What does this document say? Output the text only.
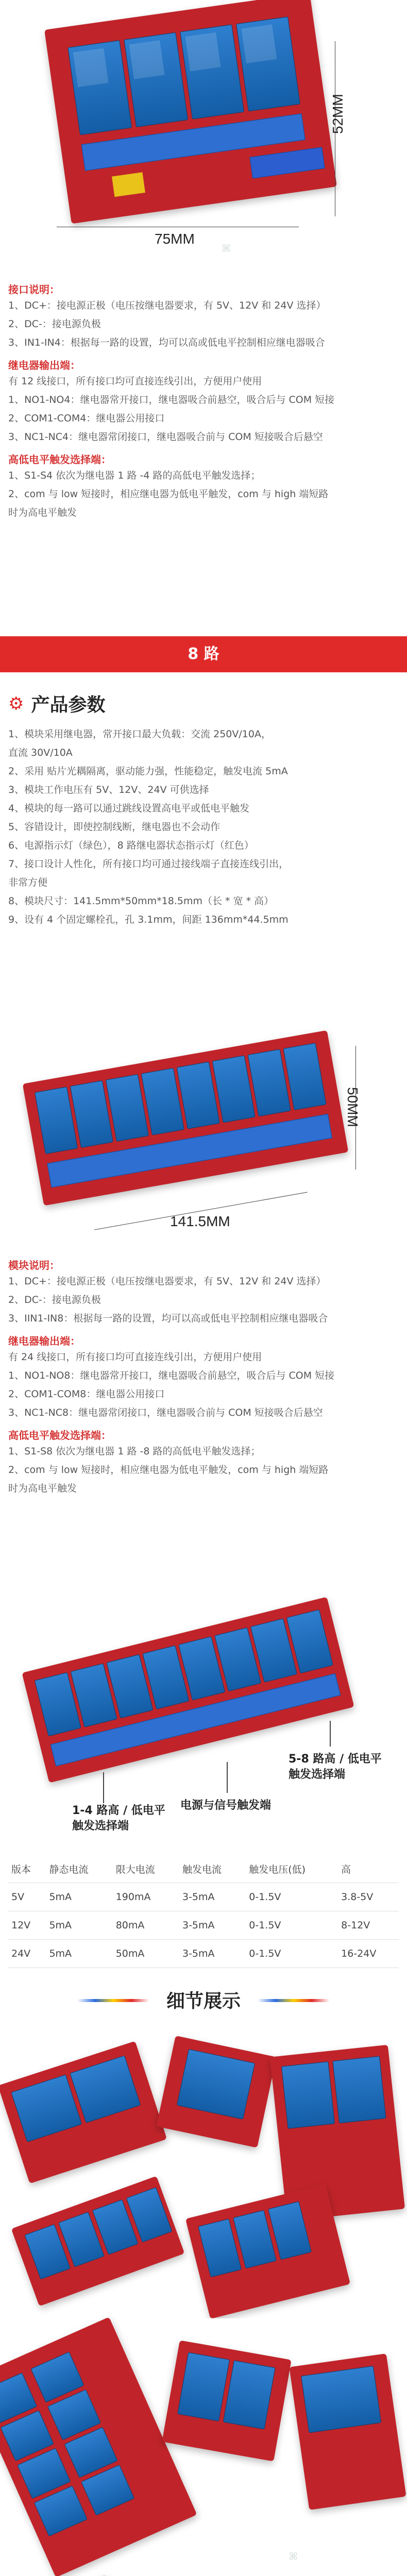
75MM
52MM
⌘
接口说明：
1、DC+：接电源正极（电压按继电器要求，有 5V、12V 和 24V 选择）
2、DC-：接电源负极
3、IN1-IN4：根据每一路的设置，均可以高或低电平控制相应继电器吸合
继电器输出端：
有 12 线接口，所有接口均可直接连线引出，方便用户使用
1、NO1-NO4：继电器常开接口，继电器吸合前悬空，吸合后与 COM 短接
2、COM1-COM4：继电器公用接口
3、NC1-NC4：继电器常闭接口，继电器吸合前与 COM 短接吸合后悬空
高低电平触发选择端：
1、S1-S4 依次为继电器 1 路 -4 路的高低电平触发选择；
2、com 与 low 短接时，相应继电器为低电平触发，com 与 high 端短路
时为高电平触发
8 路
⚙ 产品参数
1、模块采用继电器，常开接口最大负载：交流 250V/10A，
直流 30V/10A
2、采用 贴片光耦隔离，驱动能力强，性能稳定，触发电流 5mA
3、模块工作电压有 5V、12V、24V 可供选择
4、模块的每一路可以通过跳线设置高电平或低电平触发
5、容错设计，即使控制线断，继电器也不会动作
6、电源指示灯（绿色），8 路继电器状态指示灯（红色）
7、接口设计人性化，所有接口均可通过接线端子直接连线引出，
非常方便
8、模块尺寸：141.5mm*50mm*18.5mm（长 * 宽 * 高）
9、设有 4 个固定螺栓孔，孔 3.1mm，间距 136mm*44.5mm
141.5MM
50MM
模块说明：
1、DC+：接电源正极（电压按继电器要求，有 5V、12V 和 24V 选择）
2、DC-：接电源负极
3、IIN1-IN8：根据每一路的设置，均可以高或低电平控制相应继电器吸合
继电器输出端：
有 24 线接口，所有接口均可直接连线引出，方便用户使用
1、NO1-NO8：继电器常开接口，继电器吸合前悬空，吸合后与 COM 短接
2、COM1-COM8：继电器公用接口
3、NC1-NC8：继电器常闭接口，继电器吸合前与 COM 短接吸合后悬空
高低电平触发选择端：
1、S1-S8 依次为继电器 1 路 -8 路的高低电平触发选择；
2、com 与 low 短接时，相应继电器为低电平触发，com 与 high 端短路
时为高电平触发
1-4 路高 / 低电平
触发选择端
电源与信号触发端
5-8 路高 / 低电平
触发选择端
版本	静态电流	限大电流	触发电流	触发电压(低)	高
5V	5mA	190mA	3-5mA	0-1.5V	3.8-5V
12V	5mA	80mA	3-5mA	0-1.5V	8-12V
24V	5mA	50mA	3-5mA	0-1.5V	16-24V
细节展示
⌘
